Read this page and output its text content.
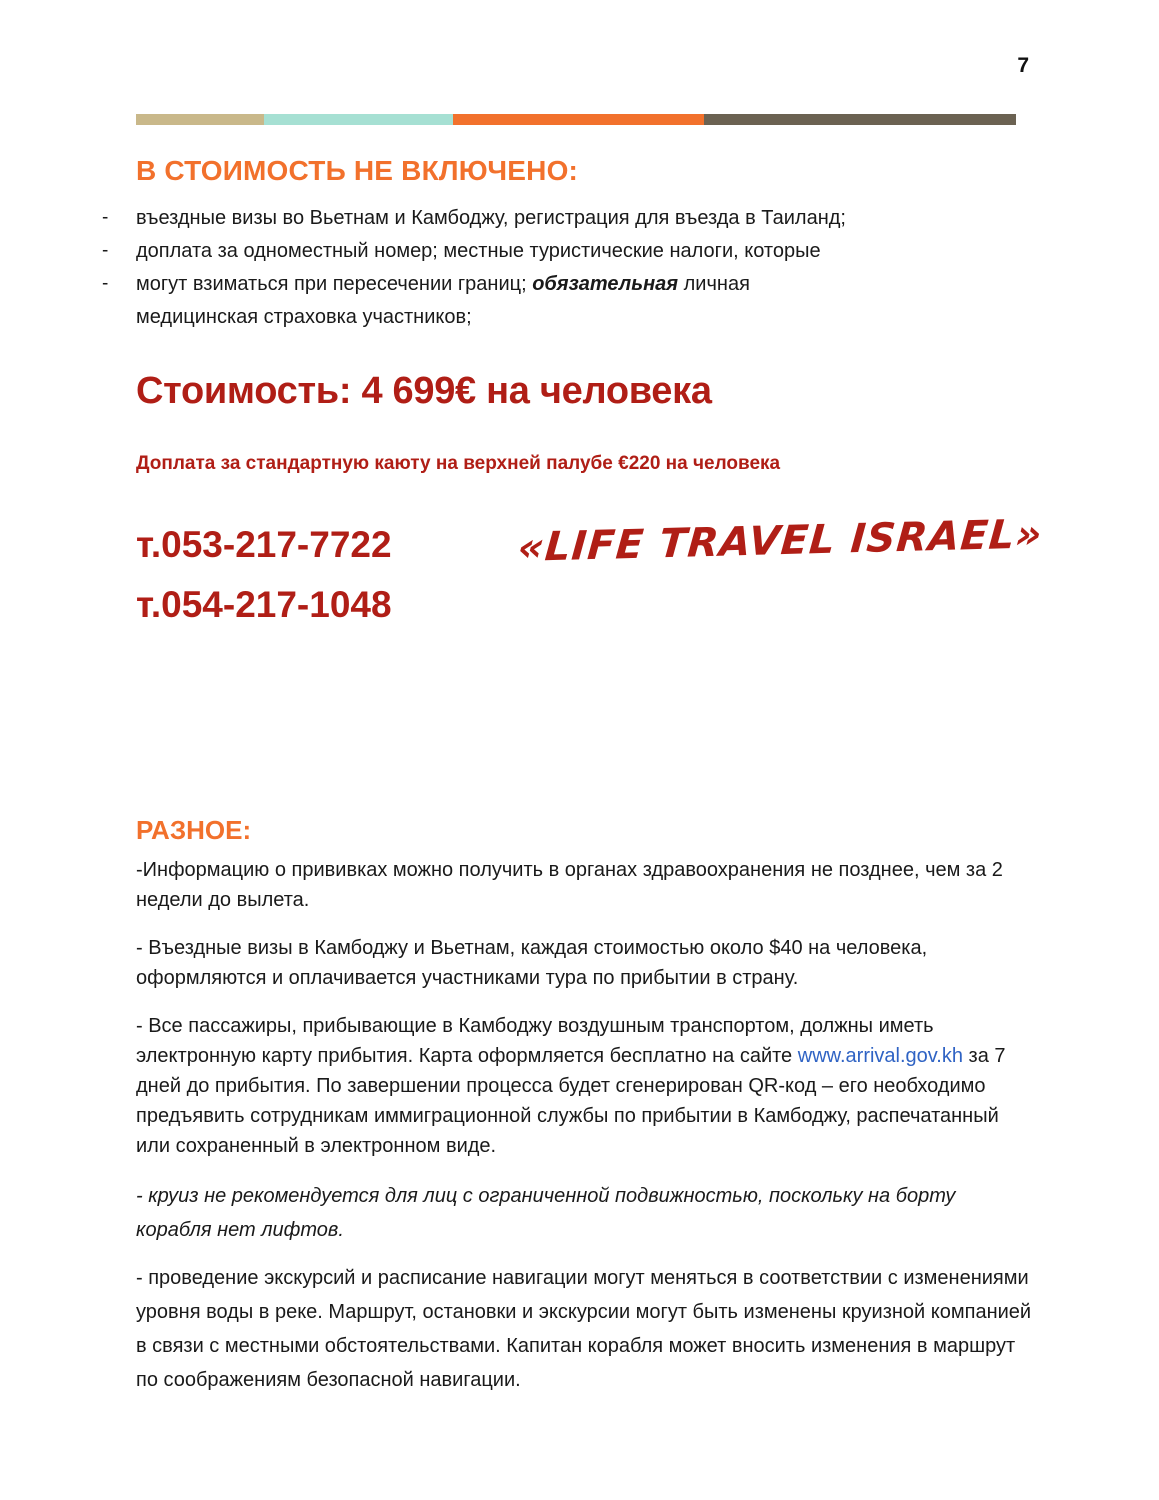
7
В СТОИМОСТЬ НЕ ВКЛЮЧЕНО:
-	въездные визы во Вьетнам и Камбоджу, регистрация для въезда в Таиланд;
-	доплата за одноместный номер; местные туристические налоги, которые
-	могут взиматься при пересечении границ; обязательная личная
медицинская страховка участников;
Стоимость: 4 699€ на человека
Доплата за стандартную каюту на верхней палубе €220 на человека
т.053-217-7722
т.054-217-1048
«LIFE TRAVEL ISRAEL»
РАЗНОЕ:

-Информацию о прививках можно получить в органах здравоохранения не позднее, чем за 2 недели до вылета.

- Въездные визы в Камбоджу и Вьетнам, каждая стоимостью около $40 на человека, оформляются и оплачивается участниками тура по прибытии в страну.

- Все пассажиры, прибывающие в Камбоджу воздушным транспортом, должны иметь электронную карту прибытия. Карта оформляется бесплатно на сайте www.arrival.gov.kh за 7 дней до прибытия. По завершении процесса будет сгенерирован QR-код – его необходимо предъявить сотрудникам иммиграционной службы по прибытии в Камбоджу, распечатанный или сохраненный в электронном виде.

- круиз не рекомендуется для лиц с ограниченной подвижностью, поскольку на борту корабля нет лифтов.

- проведение экскурсий и расписание навигации могут меняться в соответствии с изменениями уровня воды в реке. Маршрут, остановки и экскурсии могут быть изменены круизной компанией в связи с местными обстоятельствами. Капитан корабля может вносить изменения в маршрут по соображениям безопасной навигации.
